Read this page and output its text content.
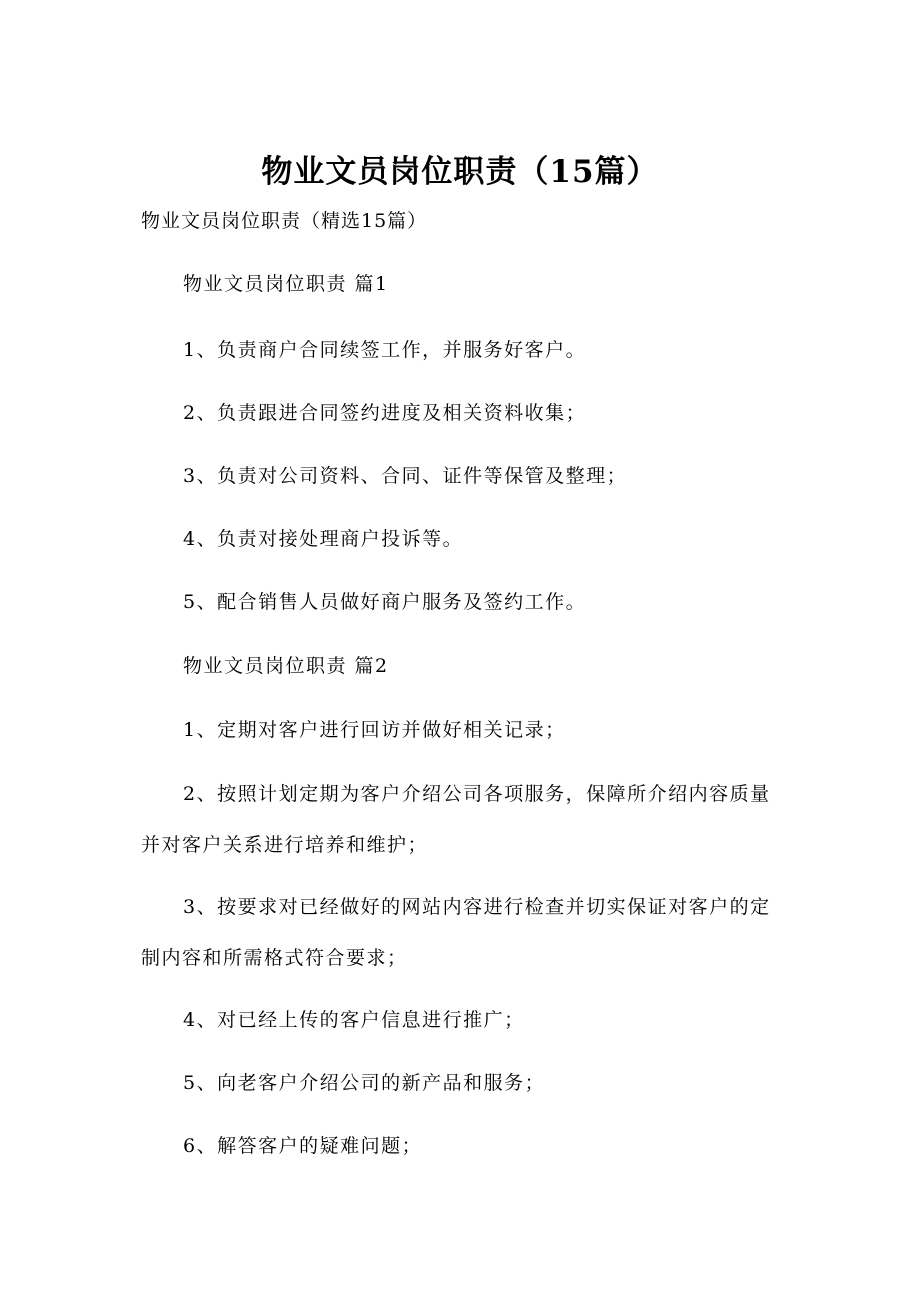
物业文员岗位职责（15篇）
物业文员岗位职责（精选15篇）
物业文员岗位职责 篇1
1、负责商户合同续签工作，并服务好客户。
2、负责跟进合同签约进度及相关资料收集；
3、负责对公司资料、合同、证件等保管及整理；
4、负责对接处理商户投诉等。
5、配合销售人员做好商户服务及签约工作。
物业文员岗位职责 篇2
1、定期对客户进行回访并做好相关记录；
2、按照计划定期为客户介绍公司各项服务，保障所介绍内容质量并对客户关系进行培养和维护；
3、按要求对已经做好的网站内容进行检查并切实保证对客户的定制内容和所需格式符合要求；
4、对已经上传的客户信息进行推广；
5、向老客户介绍公司的新产品和服务；
6、解答客户的疑难问题；
